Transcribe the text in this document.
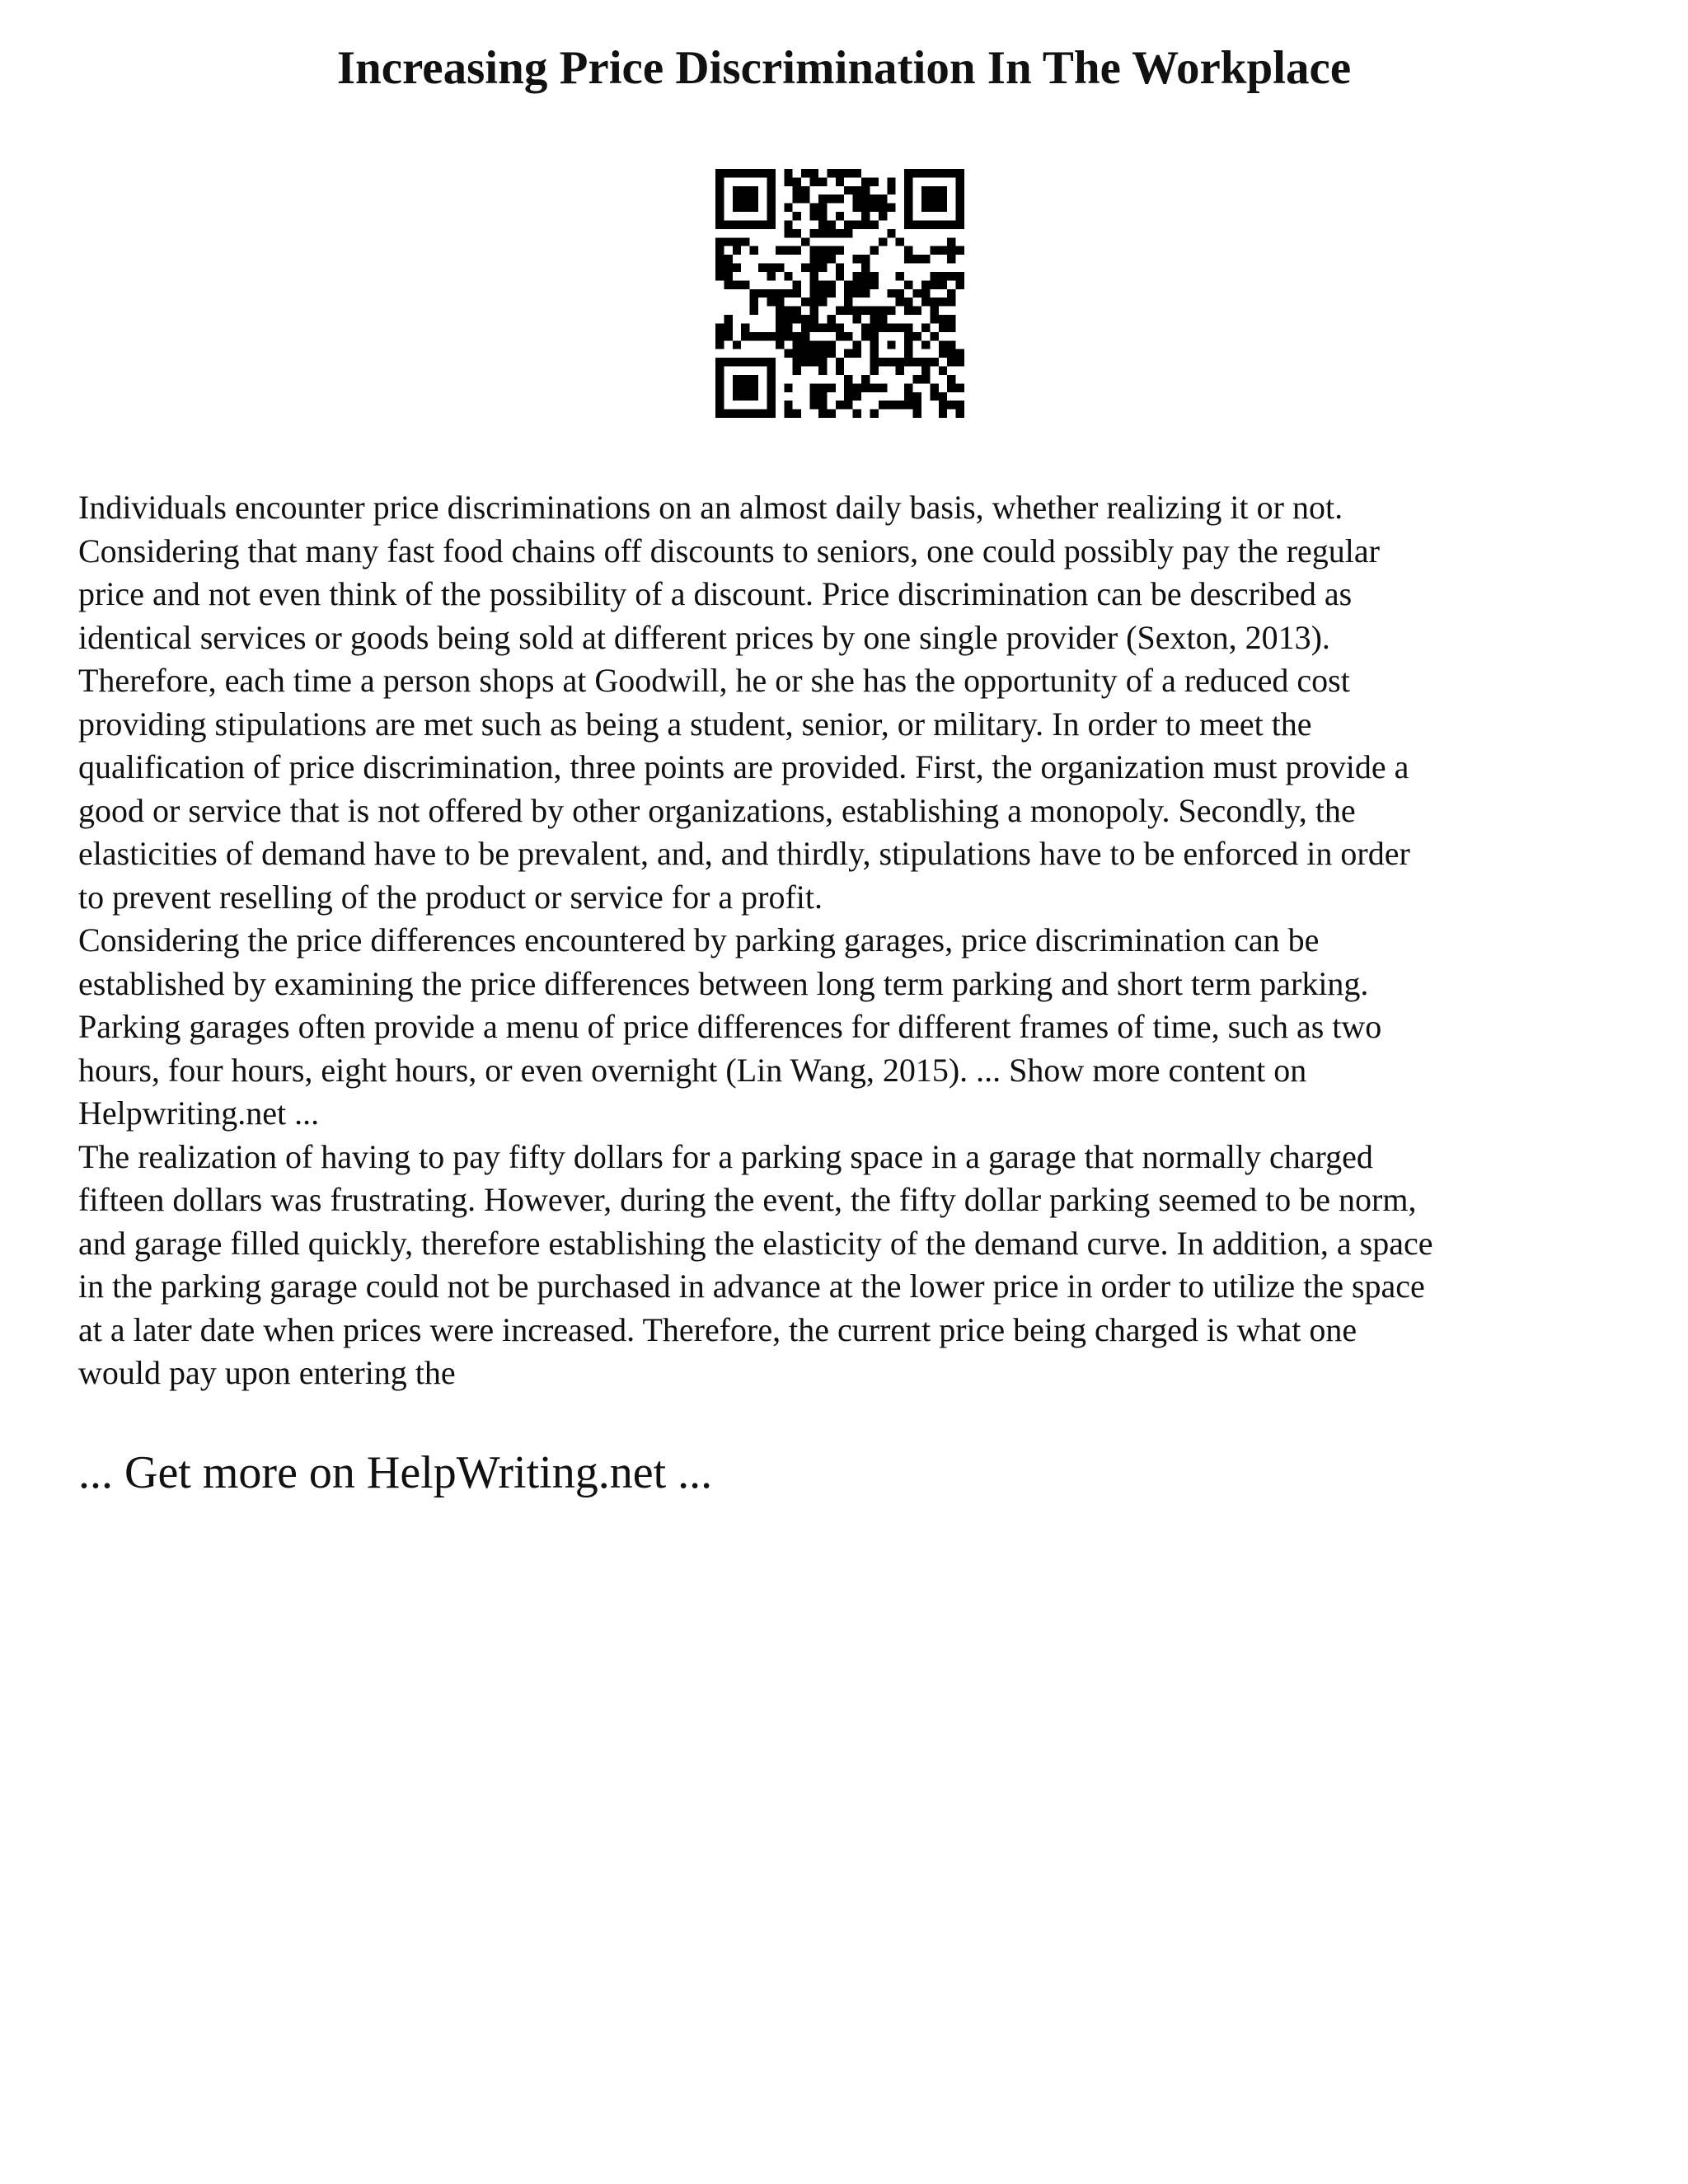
Increasing Price Discrimination In The Workplace

Individuals encounter price discriminations on an almost daily basis, whether realizing it or not.
Considering that many fast food chains off discounts to seniors, one could possibly pay the regular
price and not even think of the possibility of a discount. Price discrimination can be described as
identical services or goods being sold at different prices by one single provider (Sexton, 2013).
Therefore, each time a person shops at Goodwill, he or she has the opportunity of a reduced cost
providing stipulations are met such as being a student, senior, or military. In order to meet the
qualification of price discrimination, three points are provided. First, the organization must provide a
good or service that is not offered by other organizations, establishing a monopoly. Secondly, the
elasticities of demand have to be prevalent, and, and thirdly, stipulations have to be enforced in order
to prevent reselling of the product or service for a profit.

Considering the price differences encountered by parking garages, price discrimination can be
established by examining the price differences between long term parking and short term parking.
Parking garages often provide a menu of price differences for different frames of time, such as two
hours, four hours, eight hours, or even overnight (Lin Wang, 2015). ... Show more content on
Helpwriting.net ...

The realization of having to pay fifty dollars for a parking space in a garage that normally charged
fifteen dollars was frustrating. However, during the event, the fifty dollar parking seemed to be norm,
and garage filled quickly, therefore establishing the elasticity of the demand curve. In addition, a space
in the parking garage could not be purchased in advance at the lower price in order to utilize the space
at a later date when prices were increased. Therefore, the current price being charged is what one
would pay upon entering the

... Get more on HelpWriting.net ...
